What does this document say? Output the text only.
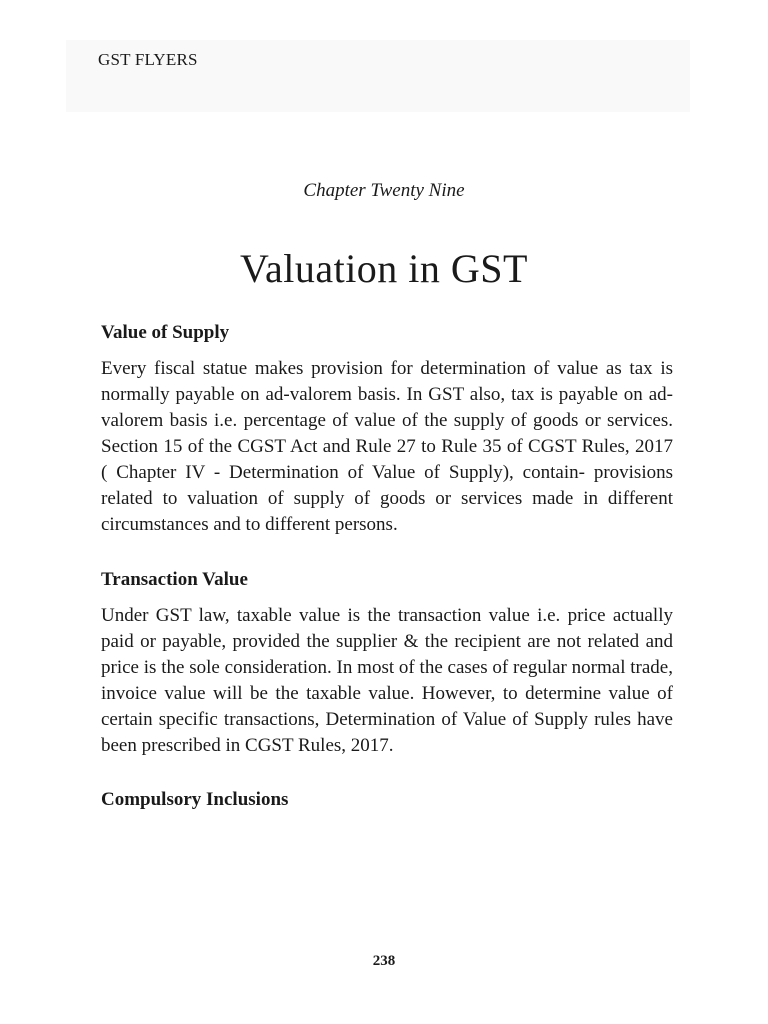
GST FLYERS
Chapter Twenty Nine
Valuation in GST
Value of Supply

Every fiscal statue makes provision for determination of value as tax is normally payable on ad-valorem basis. In GST also, tax is payable on ad-valorem basis i.e. percentage of value of the supply of goods or services. Section 15 of the CGST Act and Rule 27 to Rule 35 of CGST Rules, 2017 ( Chapter IV - Determination of Value of Supply), contain- provisions related to valuation of supply of goods or services made in different circumstances and to different persons.

Transaction Value

Under GST law, taxable value is the transaction value i.e. price actually paid or payable, provided the supplier & the recipient are not related and price is the sole consideration. In most of the cases of regular normal trade, invoice value will be the taxable value. However, to determine value of certain specific transactions, Determination of Value of Supply rules have been prescribed in CGST Rules, 2017.

Compulsory Inclusions
238
